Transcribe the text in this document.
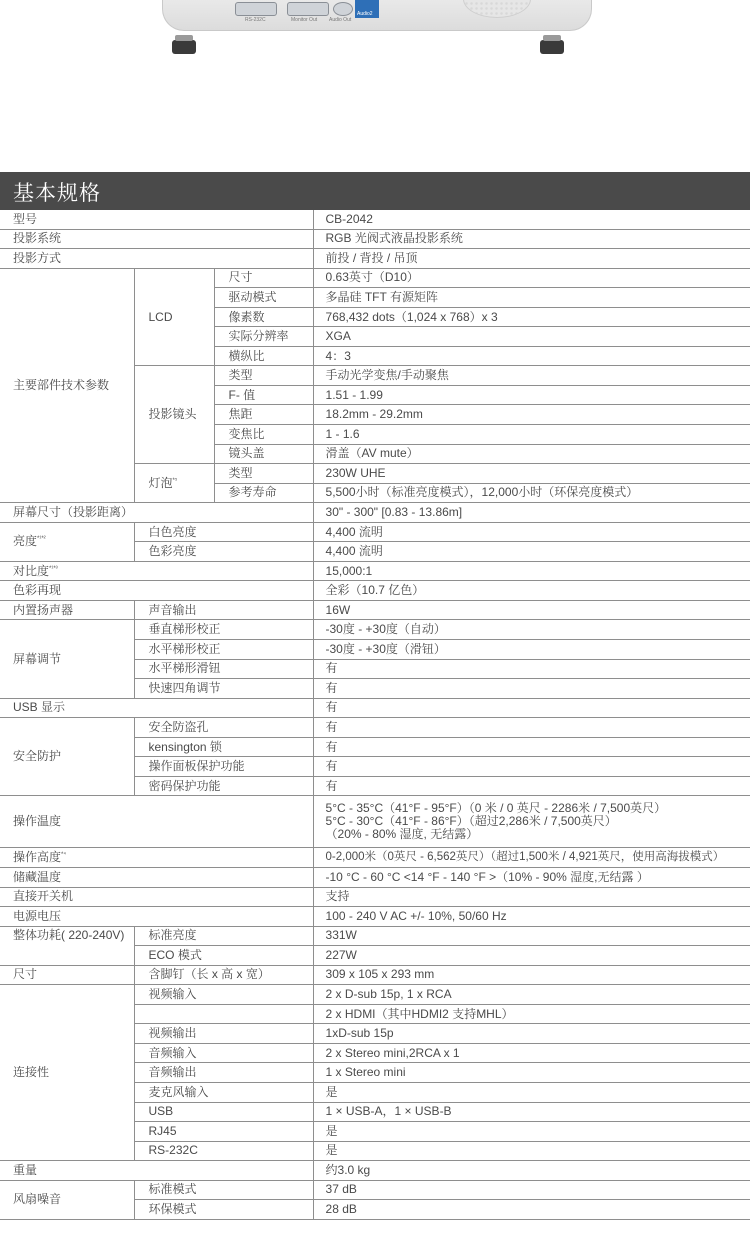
RS-232C	Monitor Out Audio Out
Audio2
基本规格
型号			CB-2042
投影系统			RGB 光阀式液晶投影系统
投影方式			前投 / 背投 / 吊顶
主要部件技术参数	LCD	尺寸	0.63英寸（D10）
		驱动模式	多晶硅 TFT 有源矩阵
		像素数	768,432 dots（1,024 x 768）x 3
		实际分辨率	XGA
		横纵比	4：3
	投影镜头	类型	手动光学变焦/手动聚焦
		F- 值	1.51 - 1.99
		焦距	18.2mm - 29.2mm
		变焦比	1 - 1.6
		镜头盖	滑盖（AV mute）
	灯泡$^{*^5}$	类型	230W UHE
		参考寿命	5,500小时（标准亮度模式），12,000小时（环保亮度模式）
屏幕尺寸（投影距离）			30" - 300" [0.83 - 13.86m]
亮度$^{*^1*^2}$	白色亮度		4,400 流明
	色彩亮度		4,400 流明
对比度$^{*^1*^3}$			15,000:1
色彩再现			全彩（10.7 亿色）
内置扬声器	声音输出		16W
屏幕调节	垂直梯形校正		-30度 - +30度（自动）
	水平梯形校正		-30度 - +30度（滑钮）
	水平梯形滑钮		有
	快速四角调节		有
USB 显示			有
安全防护	安全防盗孔		有
	kensington 锁		有
	操作面板保护功能		有
	密码保护功能		有
操作温度			5°C - 35°C（41°F - 95°F）（0 米 / 0 英尺 - 2286米 / 7,500英尺）
5°C - 30°C（41°F - 86°F）（超过2,286米 / 7,500英尺）
（20% - 80% 湿度, 无结露）

操作高度$^{*^4}$			0-2,000米（0英尺 - 6,562英尺）（超过1,500米 / 4,921英尺，使用高海拔模式）
储藏温度			-10 °C - 60 °C <14 °F - 140 °F >（10% - 90% 湿度,无结露 ）
直接开关机			支持
电源电压			100 - 240 V AC +/- 10%, 50/60 Hz
整体功耗( 220-240V)	标准亮度		331W
	ECO 模式		227W
尺寸	含脚钉（长 x 高 x 宽）		309 x 105 x 293 mm
连接性	视频输入		2 x D-sub 15p, 1 x RCA
			2 x HDMI（其中HDMI2 支持MHL）
	视频输出		1xD-sub 15p
	音频输入		2 x Stereo mini,2RCA x 1
	音频输出		1 x Stereo mini
	麦克风输入		是
	USB		1 × USB-A，1 × USB-B
	RJ45		是
	RS-232C		是
重量			约3.0 kg
风扇噪音	标准模式		37 dB
	环保模式		28 dB
